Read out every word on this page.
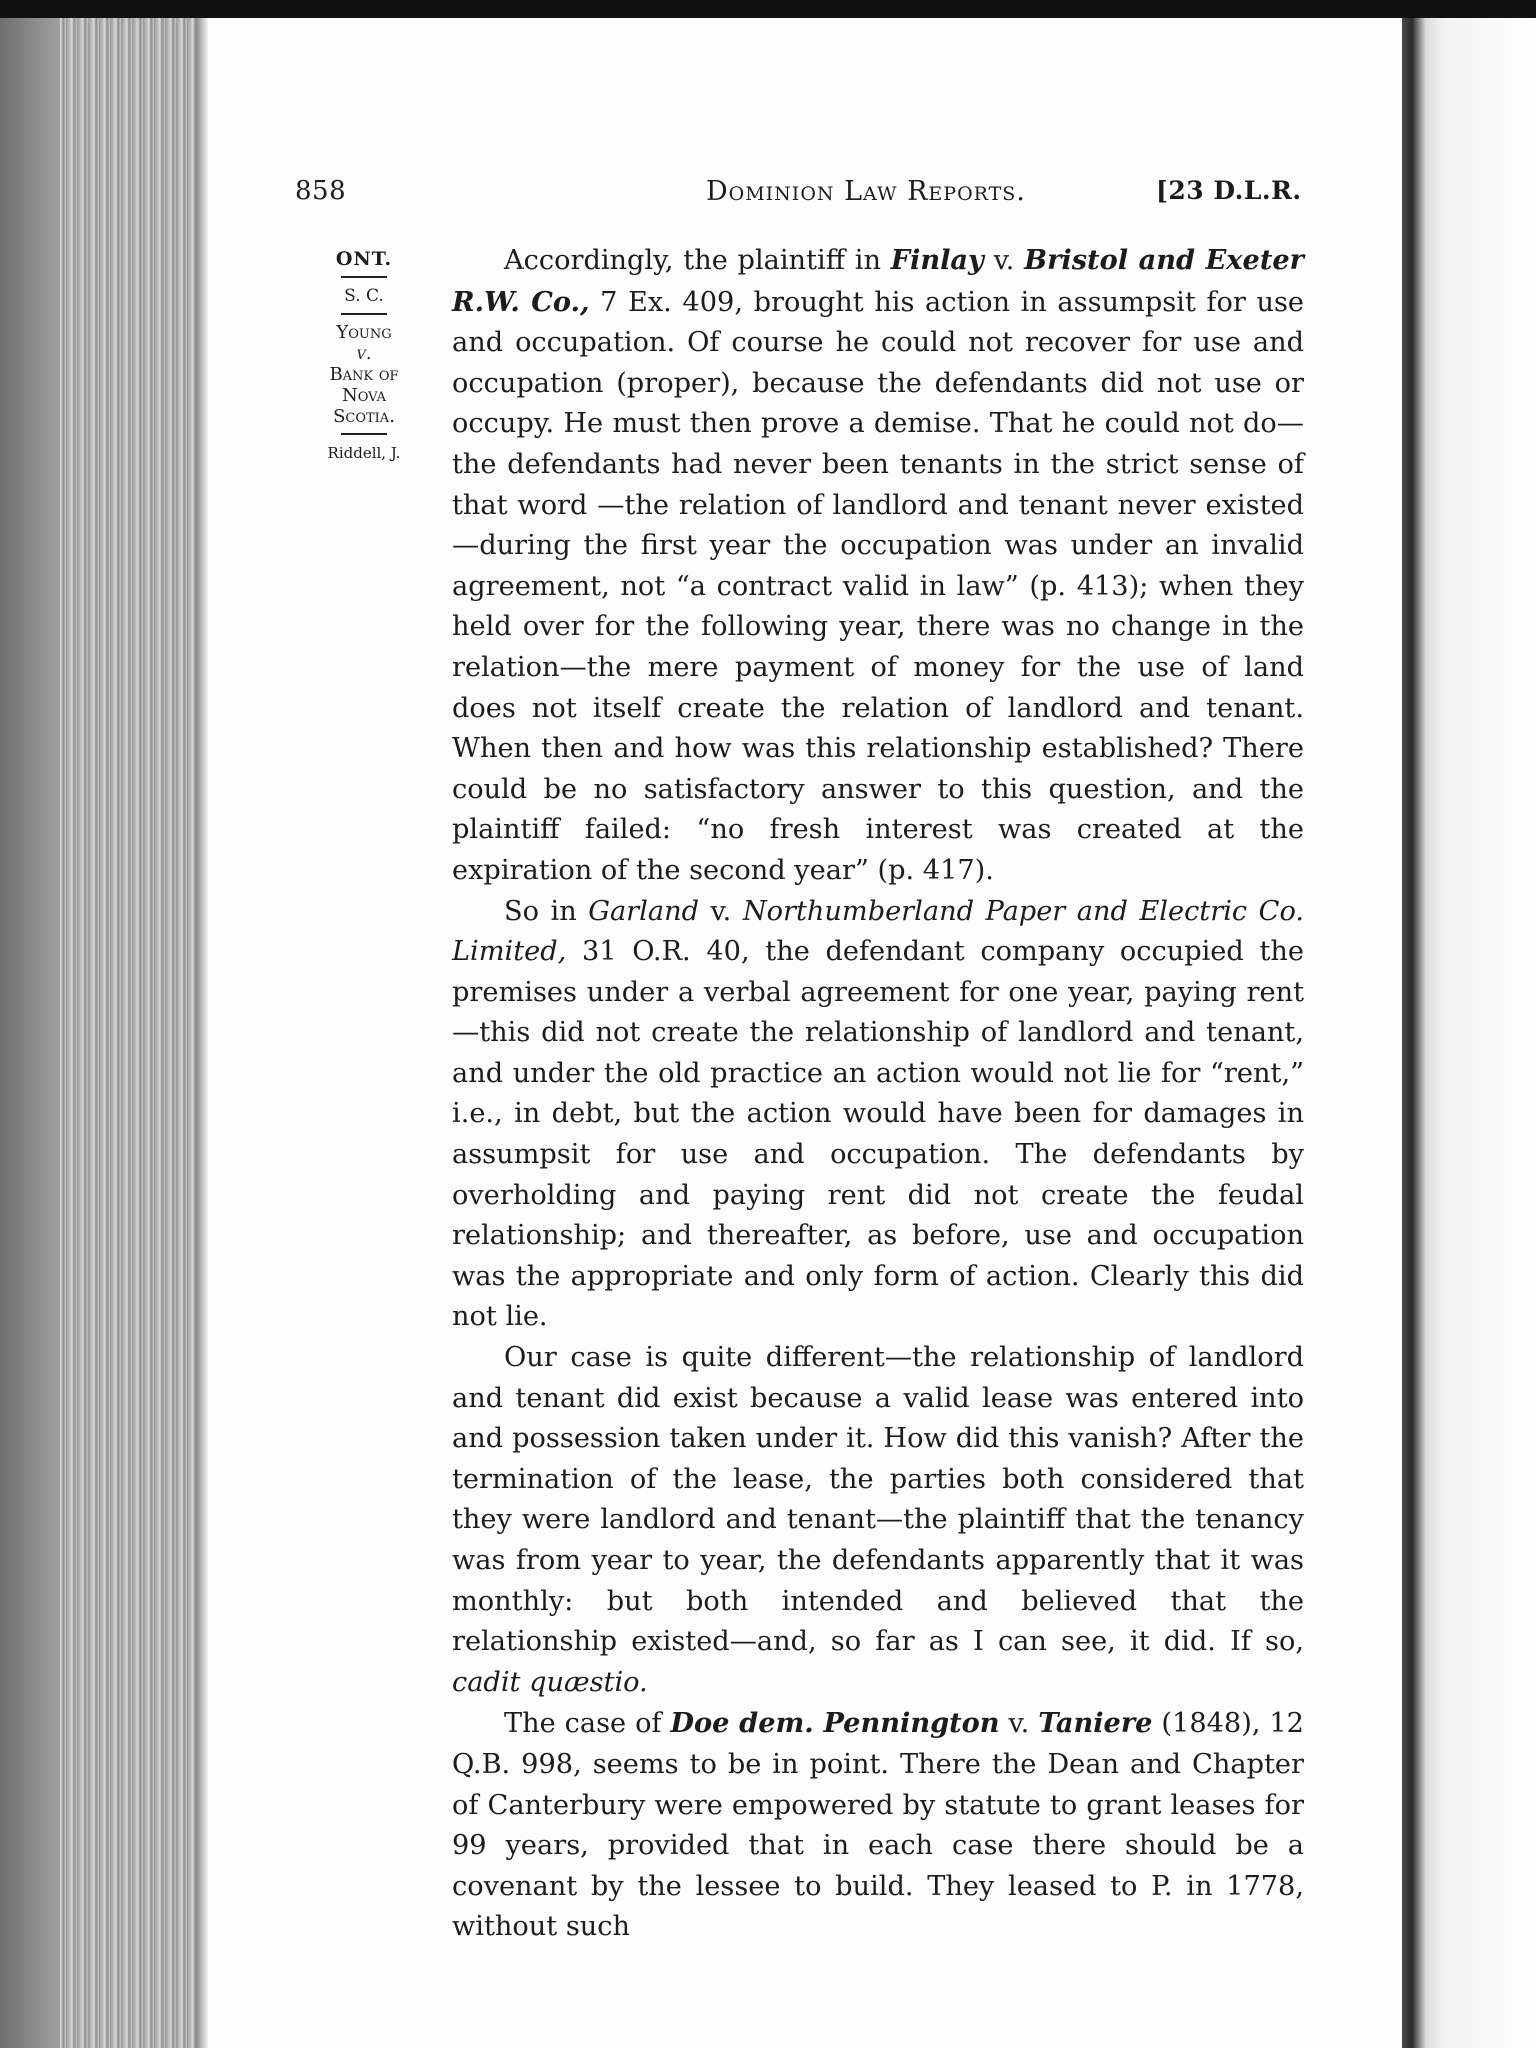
858	Dominion Law Reports.	[23 D.L.R.
ONT.
S. C.
Young
v.
Bank of
Nova
Scotia.
Riddell, J.

Accordingly, the plaintiff in Finlay v. Bristol and Exeter R.W. Co., 7 Ex. 409, brought his action in assumpsit for use and occupation. Of course he could not recover for use and occupation (proper), because the defendants did not use or occupy. He must then prove a demise. That he could not do—the defendants had never been tenants in the strict sense of that word —the relation of landlord and tenant never existed—during the first year the occupation was under an invalid agreement, not “a contract valid in law” (p. 413); when they held over for the following year, there was no change in the relation—the mere payment of money for the use of land does not itself create the relation of landlord and tenant. When then and how was this relationship established? There could be no satisfactory answer to this question, and the plaintiff failed: “no fresh interest was created at the expiration of the second year” (p. 417).

So in Garland v. Northumberland Paper and Electric Co. Limited, 31 O.R. 40, the defendant company occupied the premises under a verbal agreement for one year, paying rent—this did not create the relationship of landlord and tenant, and under the old practice an action would not lie for “rent,” i.e., in debt, but the action would have been for damages in assumpsit for use and occupation. The defendants by overholding and paying rent did not create the feudal relationship; and thereafter, as before, use and occupation was the appropriate and only form of action. Clearly this did not lie.

Our case is quite different—the relationship of landlord and tenant did exist because a valid lease was entered into and possession taken under it. How did this vanish? After the termination of the lease, the parties both considered that they were landlord and tenant—the plaintiff that the tenancy was from year to year, the defendants apparently that it was monthly: but both intended and believed that the relationship existed—and, so far as I can see, it did. If so, cadit quæstio.

The case of Doe dem. Pennington v. Taniere (1848), 12 Q.B. 998, seems to be in point. There the Dean and Chapter of Canterbury were empowered by statute to grant leases for 99 years, provided that in each case there should be a covenant by the lessee to build. They leased to P. in 1778, without such
